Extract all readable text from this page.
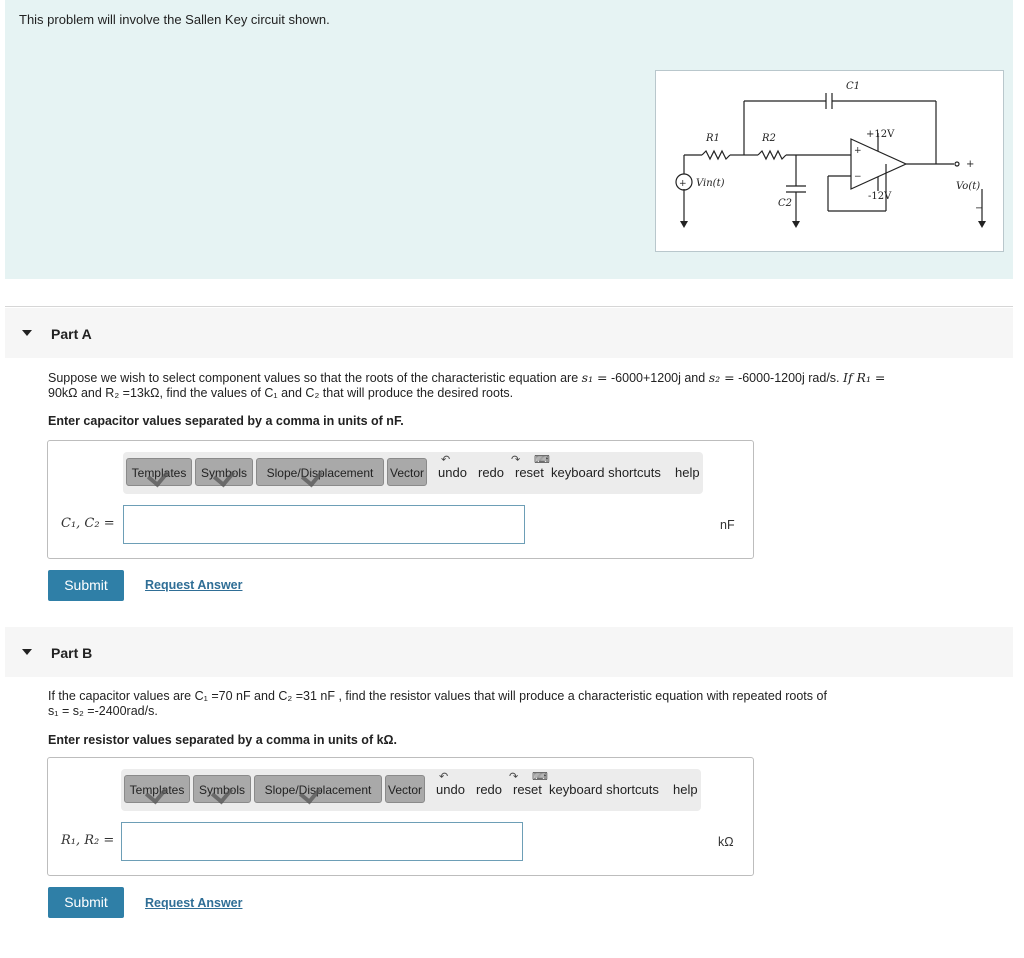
This problem will involve the Sallen Key circuit shown.
R1	R2
C1
C2
+12V
-12V
Vin(t)	Vo(t)
+
+
−
+
−
Part A
Suppose we wish to select component values so that the roots of the characteristic equation are s₁ = -6000+1200j and s₂ = -6000-1200j rad/s. If R₁ =
90kΩ and R₂ =13kΩ, find the values of C₁ and C₂ that will produce the desired roots.
Enter capacitor values separated by a comma in units of nF.
Templates	Symbols	Slope/Displacement	Vector
↶
undo
↷
redo reset
⌨
keyboard shortcuts help
C₁, C₂ =	nF
Submit	Request Answer
Part B
If the capacitor values are C₁ =70 nF and C₂ =31 nF , find the resistor values that will produce a characteristic equation with repeated roots of
s₁ = s₂ =-2400rad/s.
Enter resistor values separated by a comma in units of kΩ.
Templates	Symbols	Slope/Displacement	Vector
↶
undo
↷
redo reset
⌨
keyboard shortcuts help
R₁, R₂ =	kΩ
Submit	Request Answer
